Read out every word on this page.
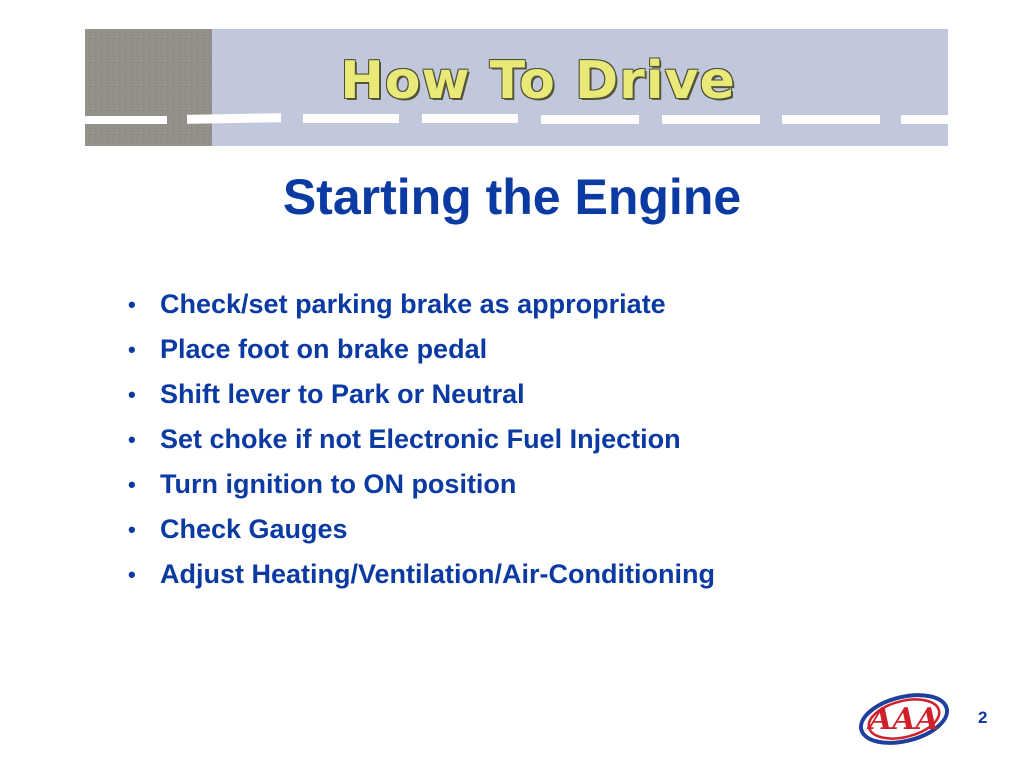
How To Drive
Starting the Engine
• Check/set parking brake as appropriate
• Place foot on brake pedal
• Shift lever to Park or Neutral
• Set choke if not Electronic Fuel Injection
• Turn ignition to ON position
• Check Gauges
• Adjust Heating/Ventilation/Air-Conditioning
AAA 2
